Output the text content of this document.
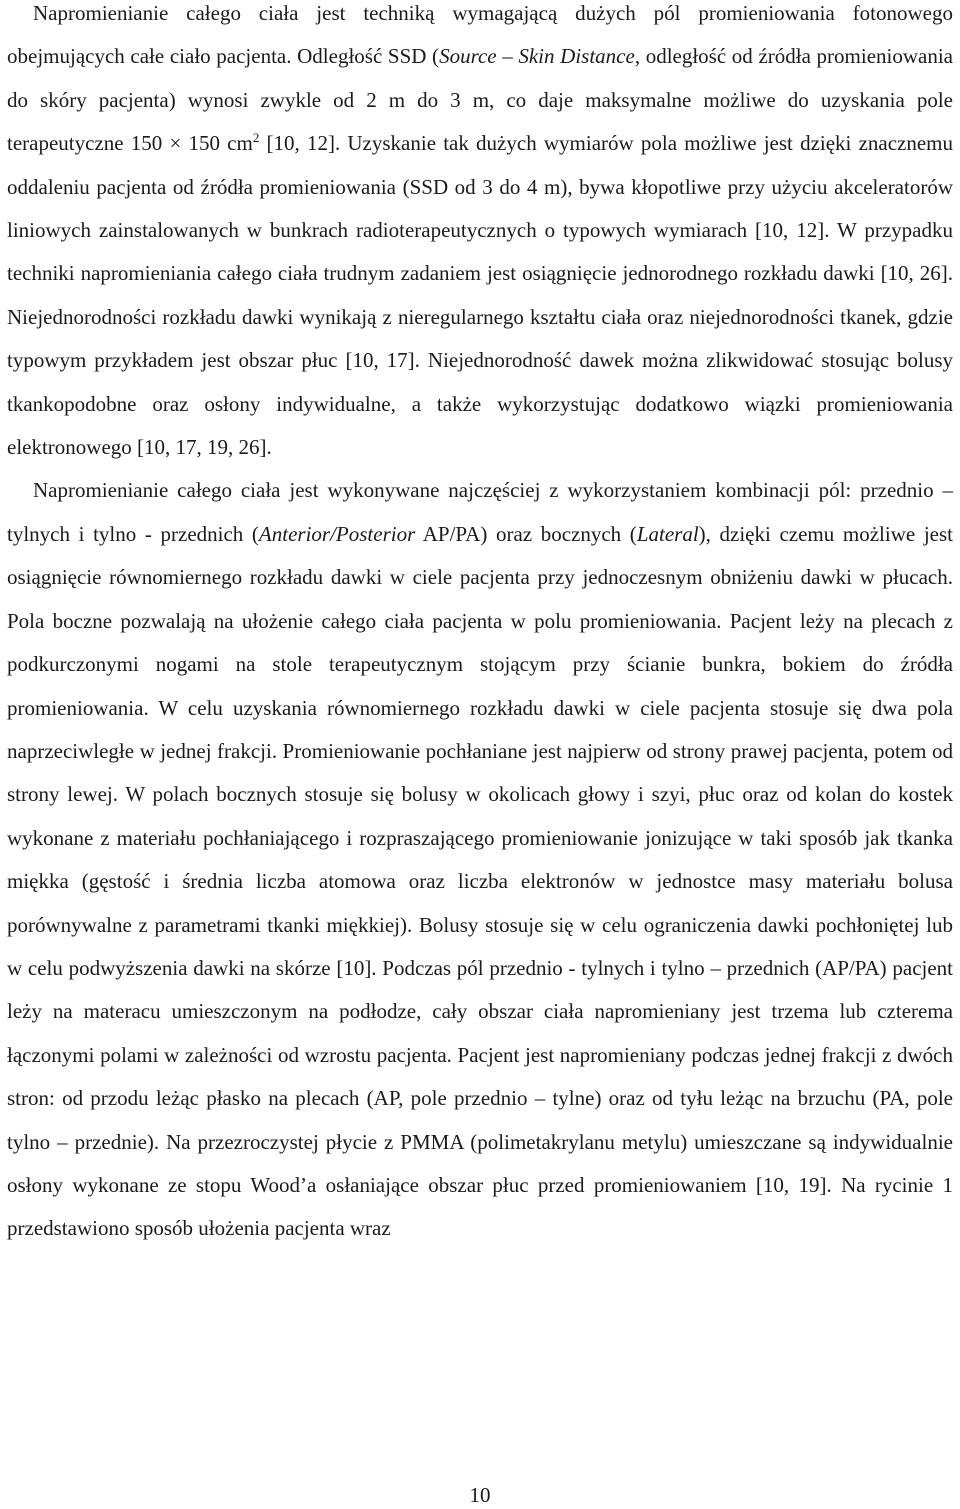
Napromienianie całego ciała jest techniką wymagającą dużych pól promieniowania fotonowego obejmujących całe ciało pacjenta. Odległość SSD (Source – Skin Distance, odległość od źródła promieniowania do skóry pacjenta) wynosi zwykle od 2 m do 3 m, co daje maksymalne możliwe do uzyskania pole terapeutyczne 150 × 150 $cm^2$ [10, 12]. Uzyskanie tak dużych wymiarów pola możliwe jest dzięki znacznemu oddaleniu pacjenta od źródła promieniowania (SSD od 3 do 4 m), bywa kłopotliwe przy użyciu akceleratorów liniowych zainstalowanych w bunkrach radioterapeutycznych o typowych wymiarach [10, 12]. W przypadku techniki napromieniania całego ciała trudnym zadaniem jest osiągnięcie jednorodnego rozkładu dawki [10, 26]. Niejednorodności rozkładu dawki wynikają z nieregularnego kształtu ciała oraz niejednorodności tkanek, gdzie typowym przykładem jest obszar płuc [10, 17]. Niejednorodność dawek można zlikwidować stosując bolusy tkankopodobne oraz osłony indywidualne, a także wykorzystując dodatkowo wiązki promieniowania elektronowego [10, 17, 19, 26].

Napromienianie całego ciała jest wykonywane najczęściej z wykorzystaniem kombinacji pól: przednio – tylnych i tylno - przednich (Anterior/Posterior AP/PA) oraz bocznych (Lateral), dzięki czemu możliwe jest osiągnięcie równomiernego rozkładu dawki w ciele pacjenta przy jednoczesnym obniżeniu dawki w płucach. Pola boczne pozwalają na ułożenie całego ciała pacjenta w polu promieniowania. Pacjent leży na plecach z podkurczonymi nogami na stole terapeutycznym stojącym przy ścianie bunkra, bokiem do źródła promieniowania. W celu uzyskania równomiernego rozkładu dawki w ciele pacjenta stosuje się dwa pola naprzeciwległe w jednej frakcji. Promieniowanie pochłaniane jest najpierw od strony prawej pacjenta, potem od strony lewej. W polach bocznych stosuje się bolusy w okolicach głowy i szyi, płuc oraz od kolan do kostek wykonane z materiału pochłaniającego i rozpraszającego promieniowanie jonizujące w taki sposób jak tkanka miękka (gęstość i średnia liczba atomowa oraz liczba elektronów w jednostce masy materiału bolusa porównywalne z parametrami tkanki miękkiej). Bolusy stosuje się w celu ograniczenia dawki pochłoniętej lub w celu podwyższenia dawki na skórze [10]. Podczas pól przednio - tylnych i tylno – przednich (AP/PA) pacjent leży na materacu umieszczonym na podłodze, cały obszar ciała napromieniany jest trzema lub czterema łączonymi polami w zależności od wzrostu pacjenta. Pacjent jest napromieniany podczas jednej frakcji z dwóch stron: od przodu leżąc płasko na plecach (AP, pole przednio – tylne) oraz od tyłu leżąc na brzuchu (PA, pole tylno – przednie). Na przezroczystej płycie z PMMA (polimetakrylanu metylu) umieszczane są indywidualnie osłony wykonane ze stopu Wood’a osłaniające obszar płuc przed promieniowaniem [10, 19]. Na rycinie 1 przedstawiono sposób ułożenia pacjenta wraz

10
